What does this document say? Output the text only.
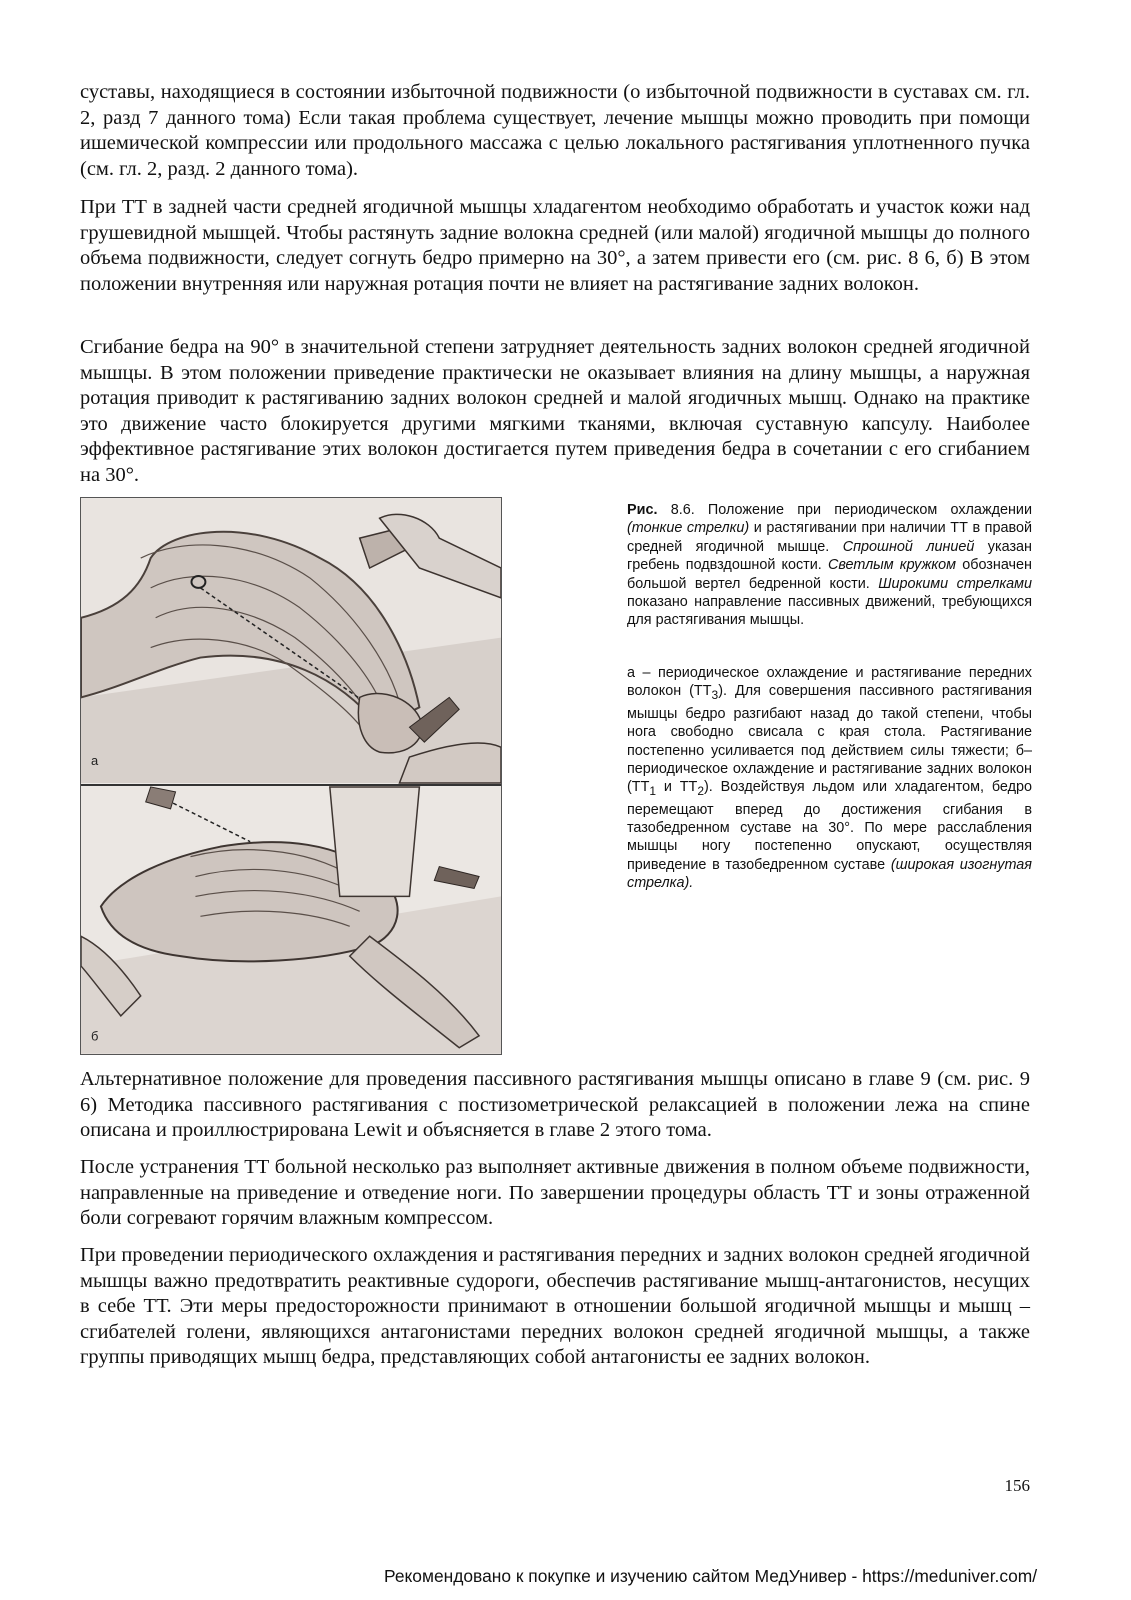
суставы, находящиеся в состоянии избыточной подвижности (о избыточной подвижности в суставах см. гл. 2, разд 7 данного тома) Если такая проблема существует, лечение мышцы можно проводить при помощи ишемической компрессии или продольного массажа с целью локального растягивания уплотненного пучка (см. гл. 2, разд. 2 данного тома).

При ТТ в задней части средней ягодичной мышцы хладагентом необходимо обработать и участок кожи над грушевидной мышцей. Чтобы растянуть задние волокна средней (или малой) ягодичной мышцы до полного объема подвижности, следует согнуть бедро примерно на 30°, а затем привести его (см. рис. 8 6, б) В этом положении внутренняя или наружная ротация почти не влияет на растягивание задних волокон.

Сгибание бедра на 90° в значительной степени затрудняет деятельность задних волокон средней ягодичной мышцы. В этом положении приведение практически не оказывает влияния на длину мышцы, а наружная ротация приводит к растягиванию задних волокон средней и малой ягодичных мышц. Однако на практике это движение часто блокируется другими мягкими тканями, включая суставную капсулу. Наиболее эффективное растягивание этих волокон достигается путем приведения бедра в сочетании с его сгибанием на 30°.

а
б

Рис. 8.6. Положение при периодическом охлаждении (тонкие стрелки) и растягивании при наличии ТТ в правой средней ягодичной мышце. Спрошной линией указан гребень подвздошной кости. Светлым кружком обозначен большой вертел бедренной кости. Широкими стрелками показано направление пассивных движений, требующихся для растягивания мышцы.

а – периодическое охлаждение и растягивание передних волокон $(ТТ_3)$. Для совершения пассивного растягивания мышцы бедро разгибают назад до такой степени, чтобы нога свободно свисала с края стола. Растягивание постепенно усиливается под действием силы тяжести; б– периодическое охлаждение и растягивание задних волокон ($ТТ_1$ и $ТТ_2$). Воздействуя льдом или хладагентом, бедро перемещают вперед до достижения сгибания в тазобедренном суставе на 30°. По мере расслабления мышцы ногу постепенно опускают, осуществляя приведение в тазобедренном суставе (широкая изогнутая стрелка).

Альтернативное положение для проведения пассивного растягивания мышцы описано в главе 9 (см. рис. 9 6) Методика пассивного растягивания с постизометрической релаксацией в положении лежа на спине описана и проиллюстрирована Lewit и объясняется в главе 2 этого тома.

После устранения ТТ больной несколько раз выполняет активные движения в полном объеме подвижности, направленные на приведение и отведение ноги. По завершении процедуры область ТТ и зоны отраженной боли согревают горячим влажным компрессом.

При проведении периодического охлаждения и растягивания передних и задних волокон средней ягодичной мышцы важно предотвратить реактивные судороги, обеспечив растягивание мышц-антагонистов, несущих в себе ТТ. Эти меры предосторожности принимают в отношении большой ягодичной мышцы и мышц – сгибателей голени, являющихся антагонистами передних волокон средней ягодичной мышцы, а также группы приводящих мышц бедра, представляющих собой антагонисты ее задних волокон.

156
Рекомендовано к покупке и изучению сайтом МедУнивер - https://meduniver.com/
